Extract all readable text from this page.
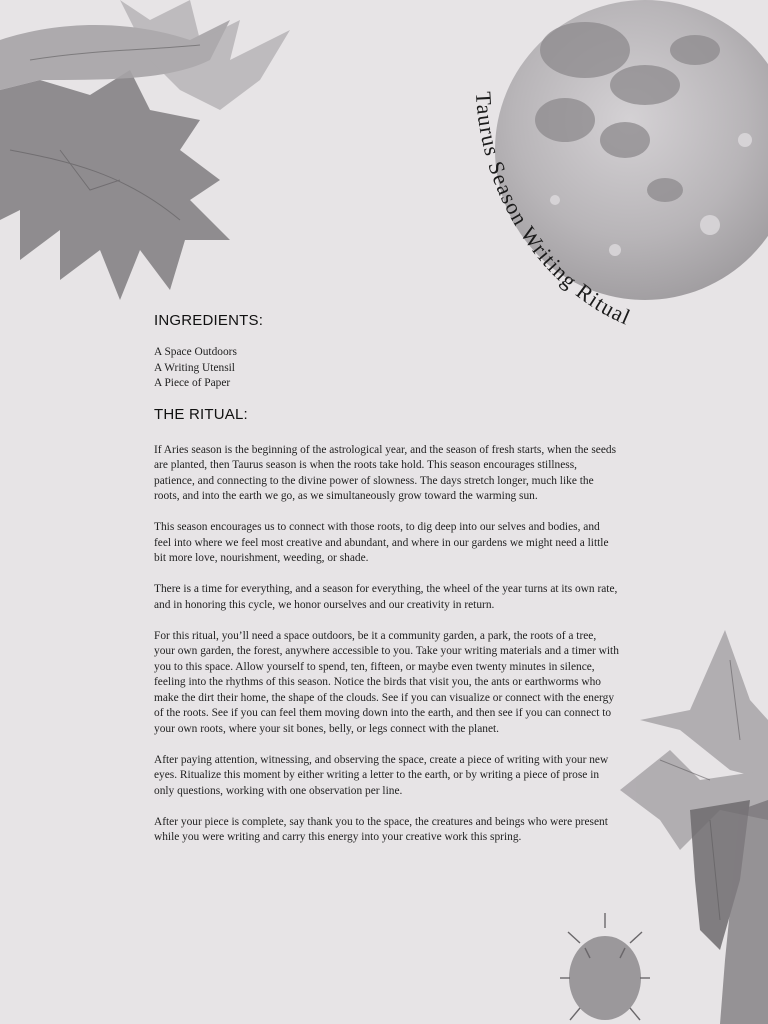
Taurus Season Writing Ritual
INGREDIENTS:
A Space Outdoors
A Writing Utensil
A Piece of Paper
THE RITUAL:

If Aries season is the beginning of the astrological year, and the season of fresh starts, when the seeds are planted, then Taurus season is when the roots take hold. This season encourages stillness, patience, and connecting to the divine power of slowness. The days stretch longer, much like the roots, and into the earth we go, as we simultaneously grow toward the warming sun.

This season encourages us to connect with those roots, to dig deep into our selves and bodies, and feel into where we feel most creative and abundant, and where in our gardens we might need a little bit more love, nourishment, weeding, or shade.

There is a time for everything, and a season for everything, the wheel of the year turns at its own rate, and in honoring this cycle, we honor ourselves and our creativity in return.

For this ritual, you’ll need a space outdoors, be it a community garden, a park, the roots of a tree, your own garden, the forest, anywhere accessible to you. Take your writing materials and a timer with you to this space. Allow yourself to spend, ten, fifteen, or maybe even twenty minutes in silence, feeling into the rhythms of this season. Notice the birds that visit you, the ants or earthworms who make the dirt their home, the shape of the clouds. See if you can visualize or connect with the energy of the roots. See if you can feel them moving down into the earth, and then see if you can connect to your own roots, where your sit bones, belly, or legs connect with the planet.

After paying attention, witnessing, and observing the space, create a piece of writing with your new eyes. Ritualize this moment by either writing a letter to the earth, or by writing a piece of prose in only questions, working with one observation per line.

After your piece is complete, say thank you to the space, the creatures and beings who were present while you were writing and carry this energy into your creative work this spring.
